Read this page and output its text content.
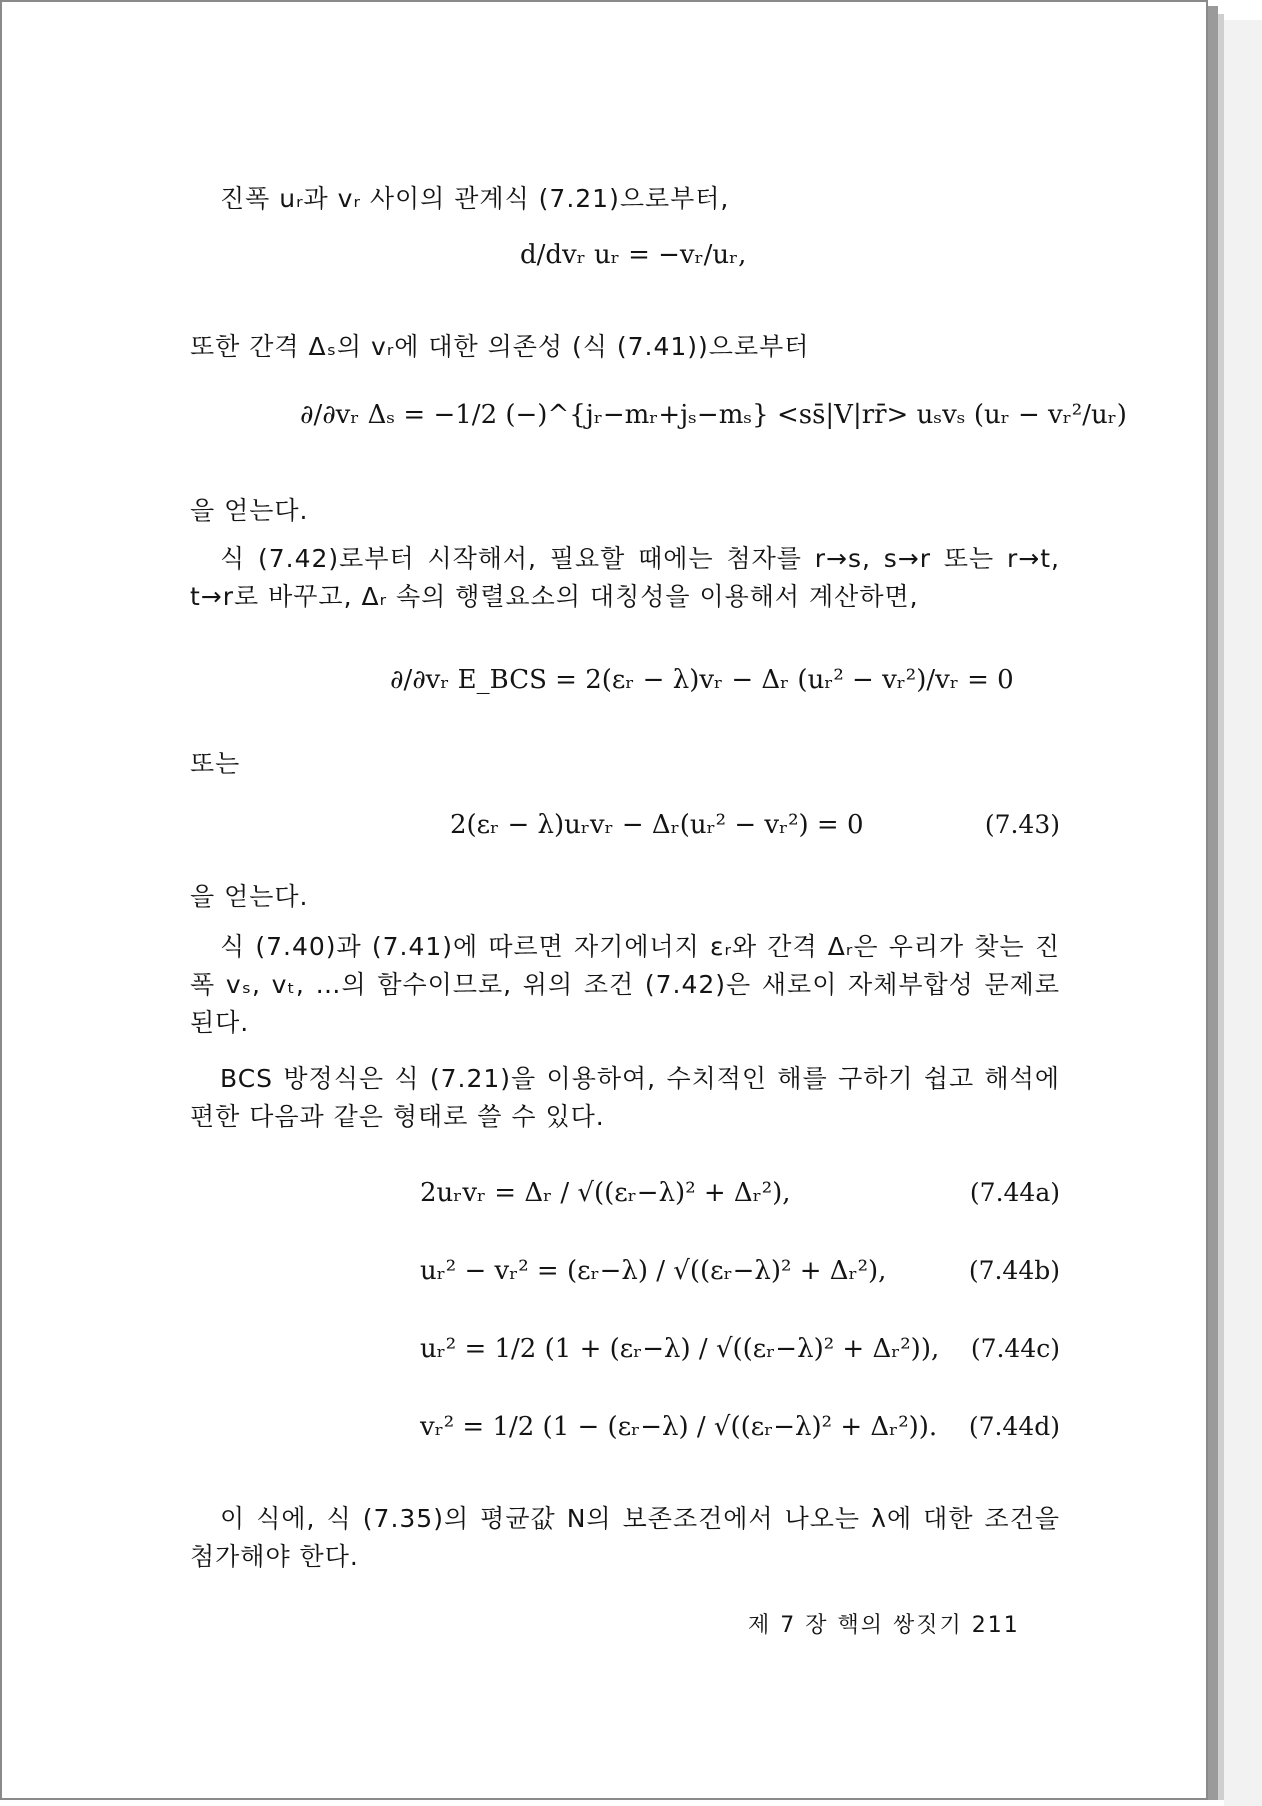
진폭 uᵣ과 vᵣ 사이의 관계식 (7.21)으로부터,
d/dvᵣ uᵣ = −vᵣ/uᵣ,
또한 간격 Δₛ의 vᵣ에 대한 의존성 (식 (7.41))으로부터
∂/∂vᵣ Δₛ = −1/2 (−)^{jᵣ−mᵣ+jₛ−mₛ} <ss̄|V|rr̄> uₛvₛ (uᵣ − vᵣ²/uᵣ)
을 얻는다.
식 (7.42)로부터 시작해서, 필요할 때에는 첨자를 r→s, s→r 또는 r→t, t→r로 바꾸고, Δᵣ 속의 행렬요소의 대칭성을 이용해서 계산하면,
∂/∂vᵣ E_BCS = 2(εᵣ − λ)vᵣ − Δᵣ (uᵣ² − vᵣ²)/vᵣ = 0
또는
2(εᵣ − λ)uᵣvᵣ − Δᵣ(uᵣ² − vᵣ²) = 0	(7.43)
을 얻는다.
식 (7.40)과 (7.41)에 따르면 자기에너지 εᵣ와 간격 Δᵣ은 우리가 찾는 진폭 vₛ, vₜ, …의 함수이므로, 위의 조건 (7.42)은 새로이 자체부합성 문제로 된다.
BCS 방정식은 식 (7.21)을 이용하여, 수치적인 해를 구하기 쉽고 해석에 편한 다음과 같은 형태로 쓸 수 있다.
2uᵣvᵣ = Δᵣ / √((εᵣ−λ)² + Δᵣ²),	(7.44a)
uᵣ² − vᵣ² = (εᵣ−λ) / √((εᵣ−λ)² + Δᵣ²),	(7.44b)
uᵣ² = 1/2 (1 + (εᵣ−λ) / √((εᵣ−λ)² + Δᵣ²)), (7.44c)
vᵣ² = 1/2 (1 − (εᵣ−λ) / √((εᵣ−λ)² + Δᵣ²)). (7.44d)
이 식에, 식 (7.35)의 평균값 N의 보존조건에서 나오는 λ에 대한 조건을 첨가해야 한다.
제 7 장 핵의 쌍짓기 211
